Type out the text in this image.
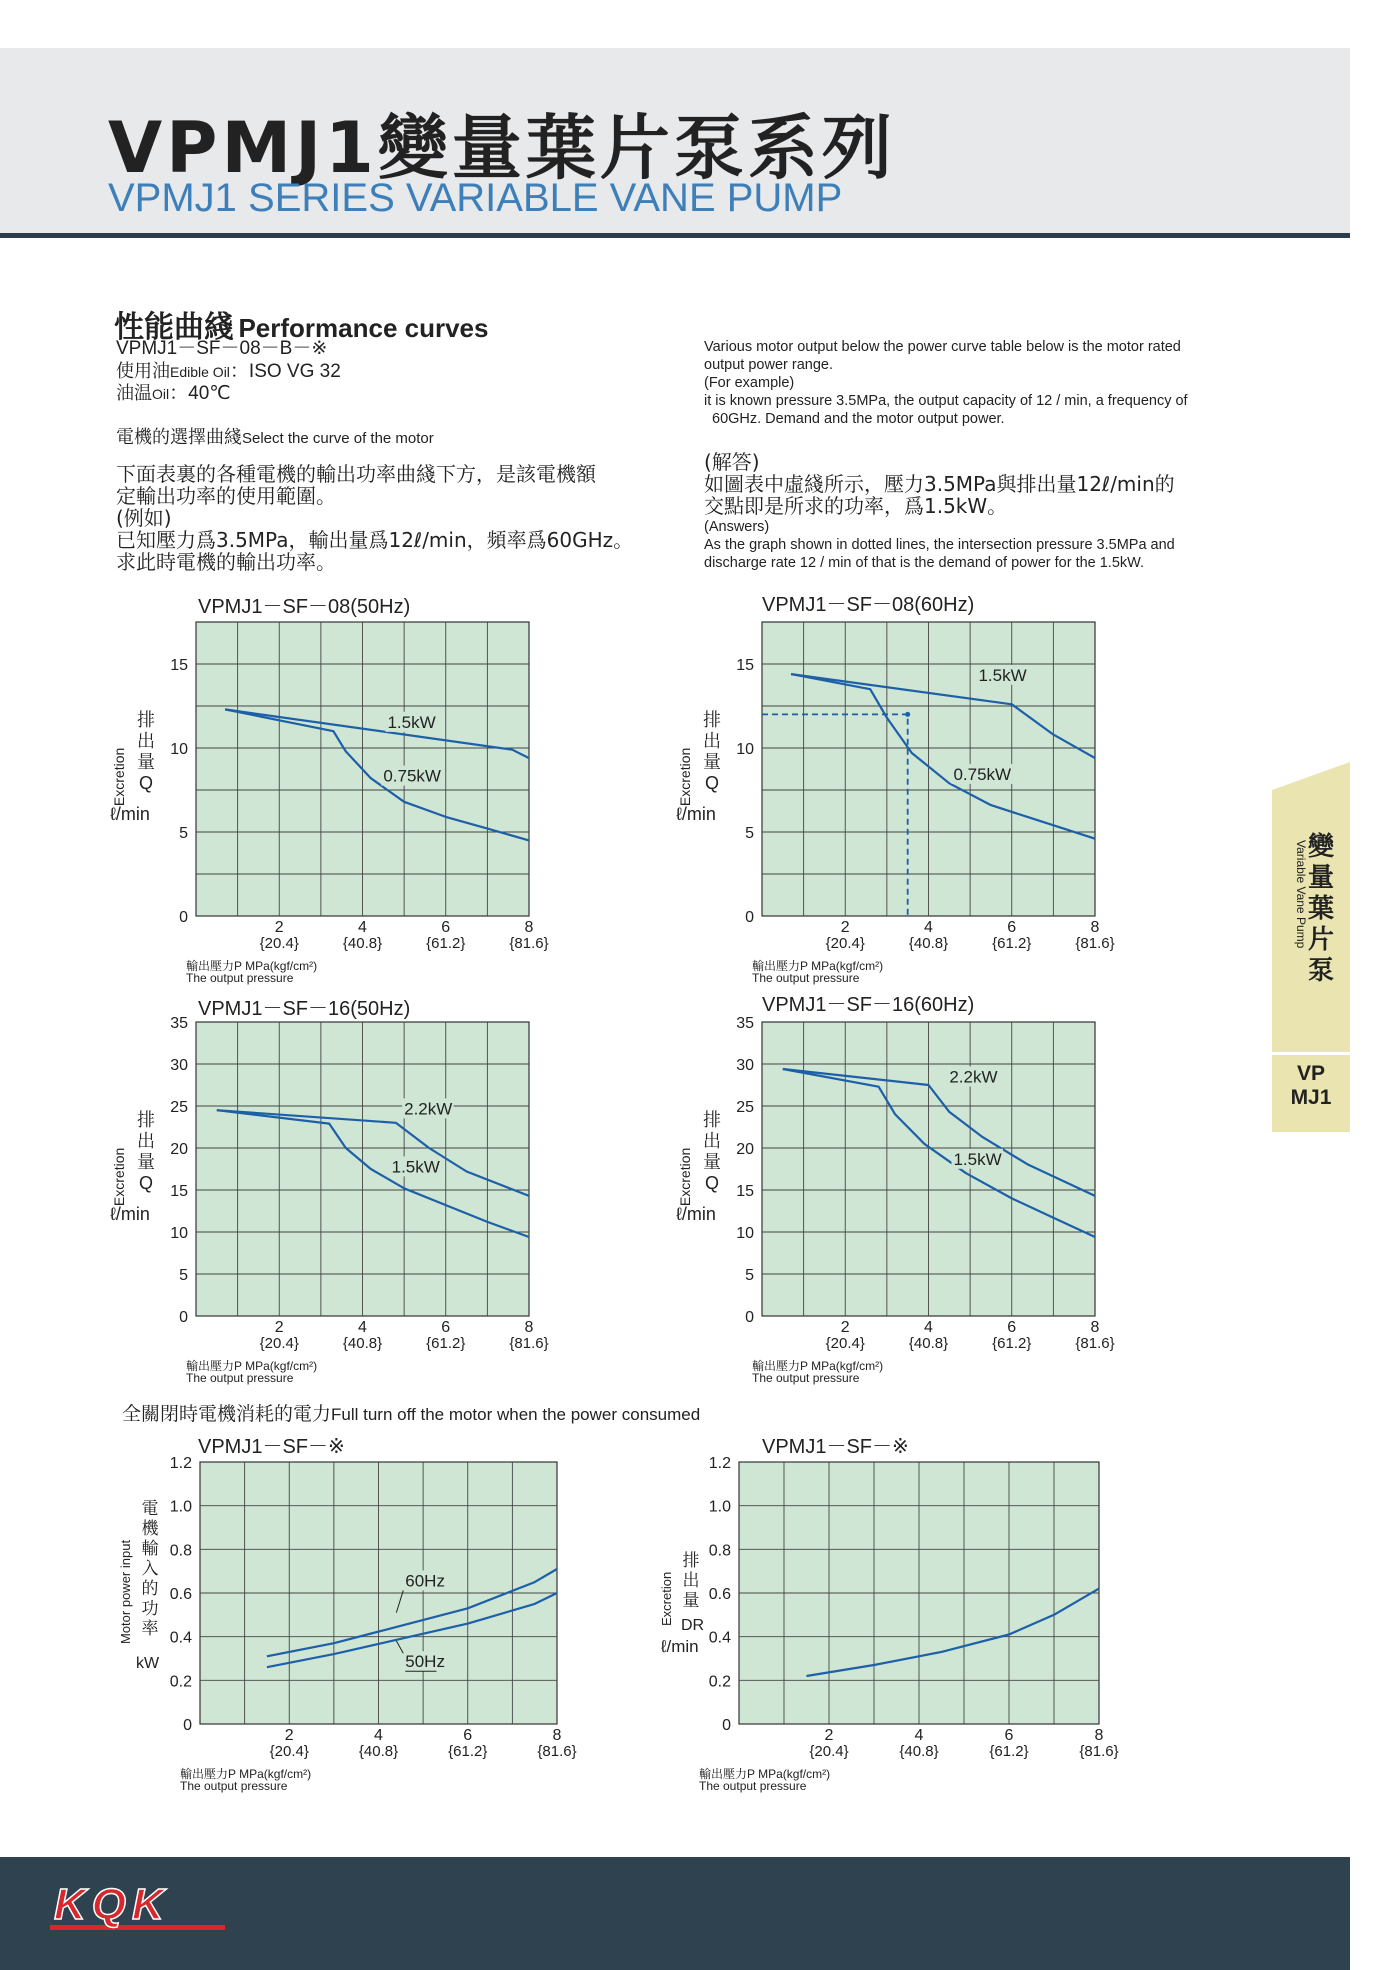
VPMJ1變量葉片泵系列
VPMJ1 SERIES VARIABLE VANE PUMP
性能曲綫 Performance curves
VPMJ1－SF－08－B－※
使用油Edible Oil：ISO VG 32
油温Oil：40℃
電機的選擇曲綫Select the curve of the motor
下面表裏的各種電機的輸出功率曲綫下方，是該電機額
定輸出功率的使用範圍。
(例如)
已知壓力爲3.5MPa，輸出量爲12ℓ/min，頻率爲60GHz。
求此時電機的輸出功率。
Various motor output below the power curve table below is the motor rated
output power range.
(For example)
it is known pressure 3.5MPa, the output capacity of 12 / min, a frequency of
60GHz. Demand and the motor output power.
(解答)
如圖表中虛綫所示，壓力3.5MPa與排出量12ℓ/min的
交點即是所求的功率，爲1.5kW。
(Answers)
As the graph shown in dotted lines, the intersection pressure 3.5MPa and
discharge rate 12 / min of that is the demand of power for the 1.5kW.
VPMJ1－SF－08(50Hz)	VPMJ1－SF－08(60Hz)
VPMJ1－SF－16(50Hz)	VPMJ1－SF－16(60Hz)
全關閉時電機消耗的電力Full turn off the motor when the power consumed
VPMJ1－SF－※	VPMJ1－SF－※
5
10
15
0
2
{20.4}
4
{40.8}
6
{61.2}
8
{81.6}
輸出壓力P MPa(kgf/cm²)
The output pressure
Excretion
排
出
量
Q
ℓ/min
1.5kW
0.75kW
5
10
15
0
2
{20.4}
4
{40.8}
6
{61.2}
8
{81.6}
輸出壓力P MPa(kgf/cm²)
The output pressure
Excretion
排
出
量
Q
ℓ/min
1.5kW
0.75kW
5
10
15
20
25
30
35
0
2
{20.4}
4
{40.8}
6
{61.2}
8
{81.6}
輸出壓力P MPa(kgf/cm²)
The output pressure
Excretion
排
出
量
Q
ℓ/min
2.2kW
1.5kW
5
10
15
20
25
30
35
0
2
{20.4}
4
{40.8}
6
{61.2}
8
{81.6}
輸出壓力P MPa(kgf/cm²)
The output pressure
Excretion
排
出
量
Q
ℓ/min
2.2kW
1.5kW
0.2
0.4
0.6
0.8
1.0
1.2
0
2
{20.4}
4
{40.8}
6
{61.2}
8
{81.6}
輸出壓力P MPa(kgf/cm²)
The output pressure
Motor power input
電
機
輸
入
的
功
率
kW
60Hz
50Hz
0.2
0.4
0.6
0.8
1.0
1.2
0
2
{20.4}
4
{40.8}
6
{61.2}
8
{81.6}
輸出壓力P MPa(kgf/cm²)
The output pressure
Excretion
排
出
量
DR
ℓ/min
變
量
葉
片
泵
Variable Vane Pump
VP
MJ1
KQK
